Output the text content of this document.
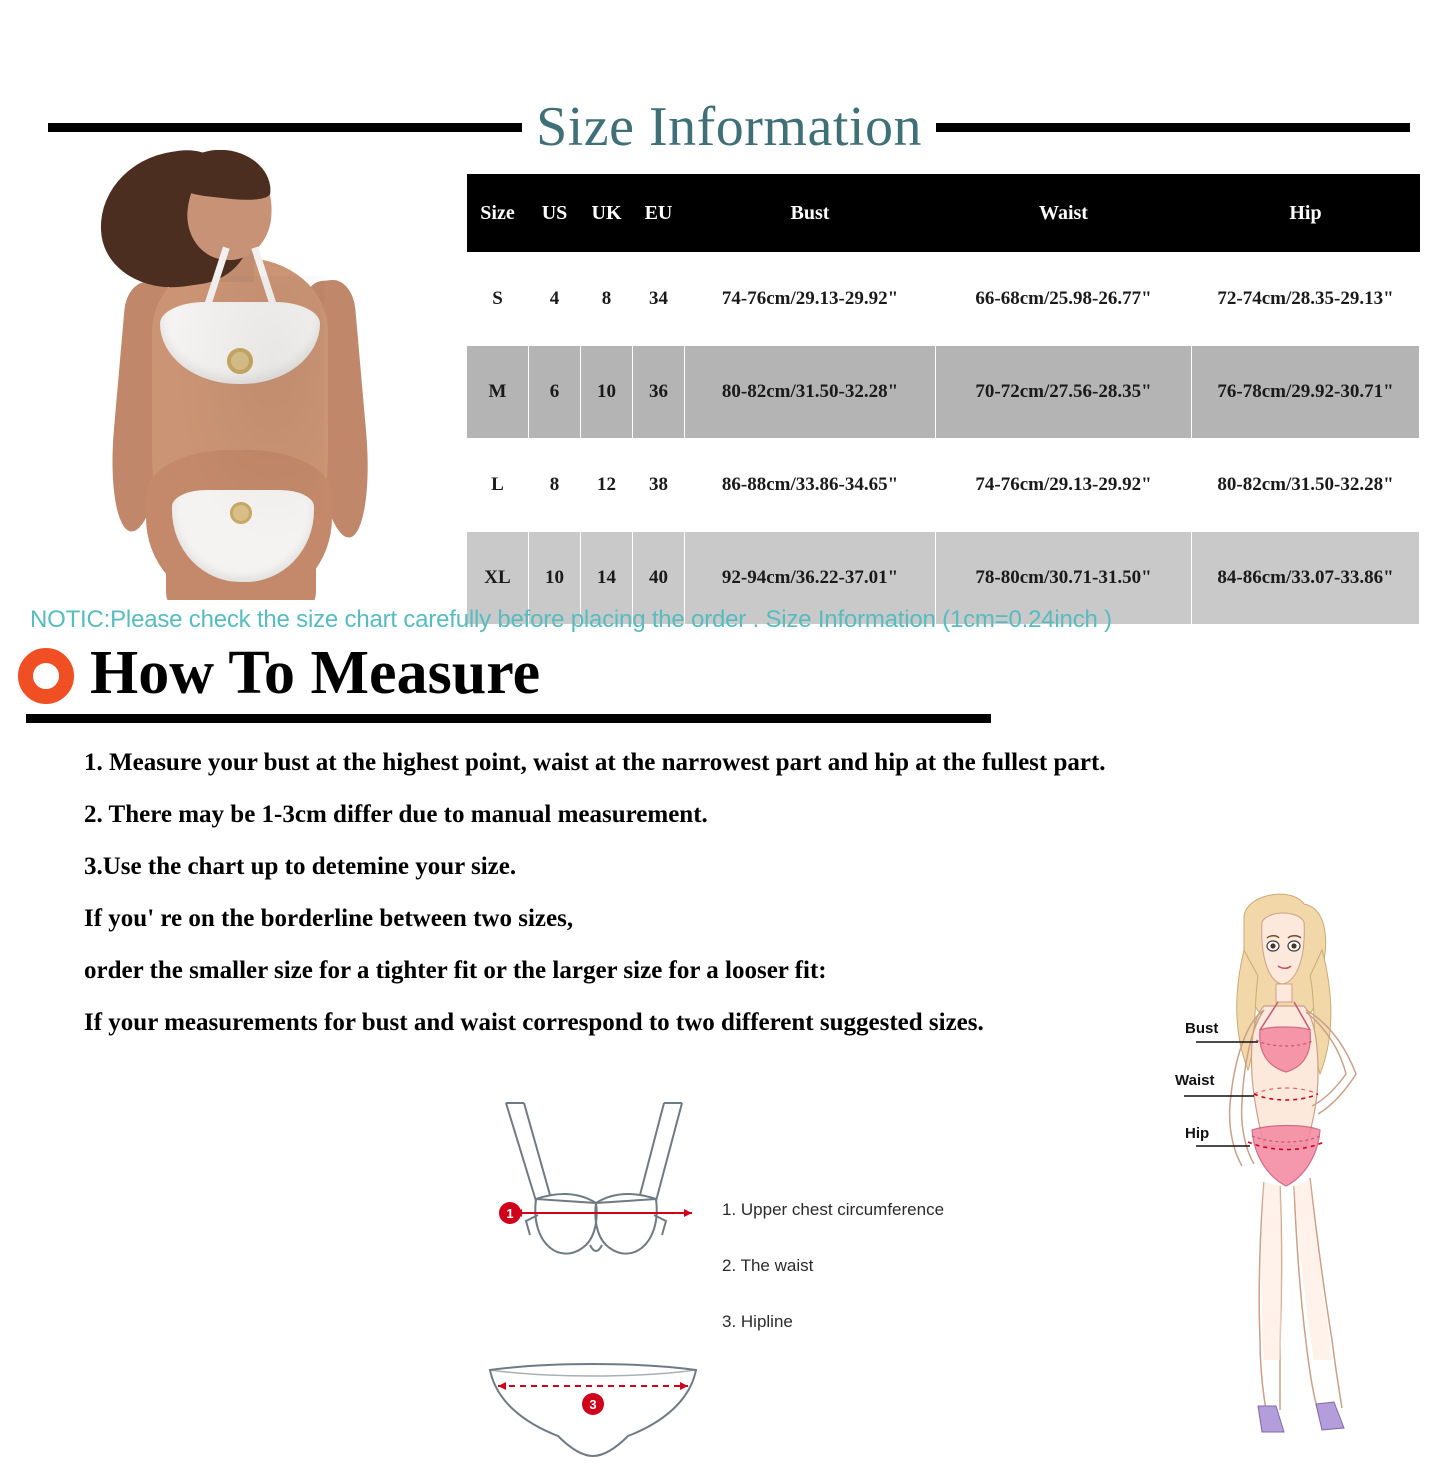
Size Information
Size	US	UK	EU	Bust	Waist	Hip
S	4	8	34	74-76cm/29.13-29.92"	66-68cm/25.98-26.77"	72-74cm/28.35-29.13"
M	6	10	36	80-82cm/31.50-32.28"	70-72cm/27.56-28.35"	76-78cm/29.92-30.71"
L	8	12	38	86-88cm/33.86-34.65"	74-76cm/29.13-29.92"	80-82cm/31.50-32.28"
XL	10	14	40	92-94cm/36.22-37.01"	78-80cm/30.71-31.50"	84-86cm/33.07-33.86"
NOTIC:Please check the size chart carefully before placing the order . Size Information (1cm=0.24inch )
How To Measure

1. Measure your bust at the highest point, waist at the narrowest part and hip at the fullest part.

2. There may be 1-3cm differ due to manual measurement.

3.Use the chart up to detemine your size.

If you' re on the borderline between two sizes,

order the smaller size for a tighter fit or the larger size for a looser fit:

If your measurements for bust and waist correspond to two different suggested sizes.

1
3
1. Upper chest circumference
2. The waist
3. Hipline
Bust
Waist
Hip
